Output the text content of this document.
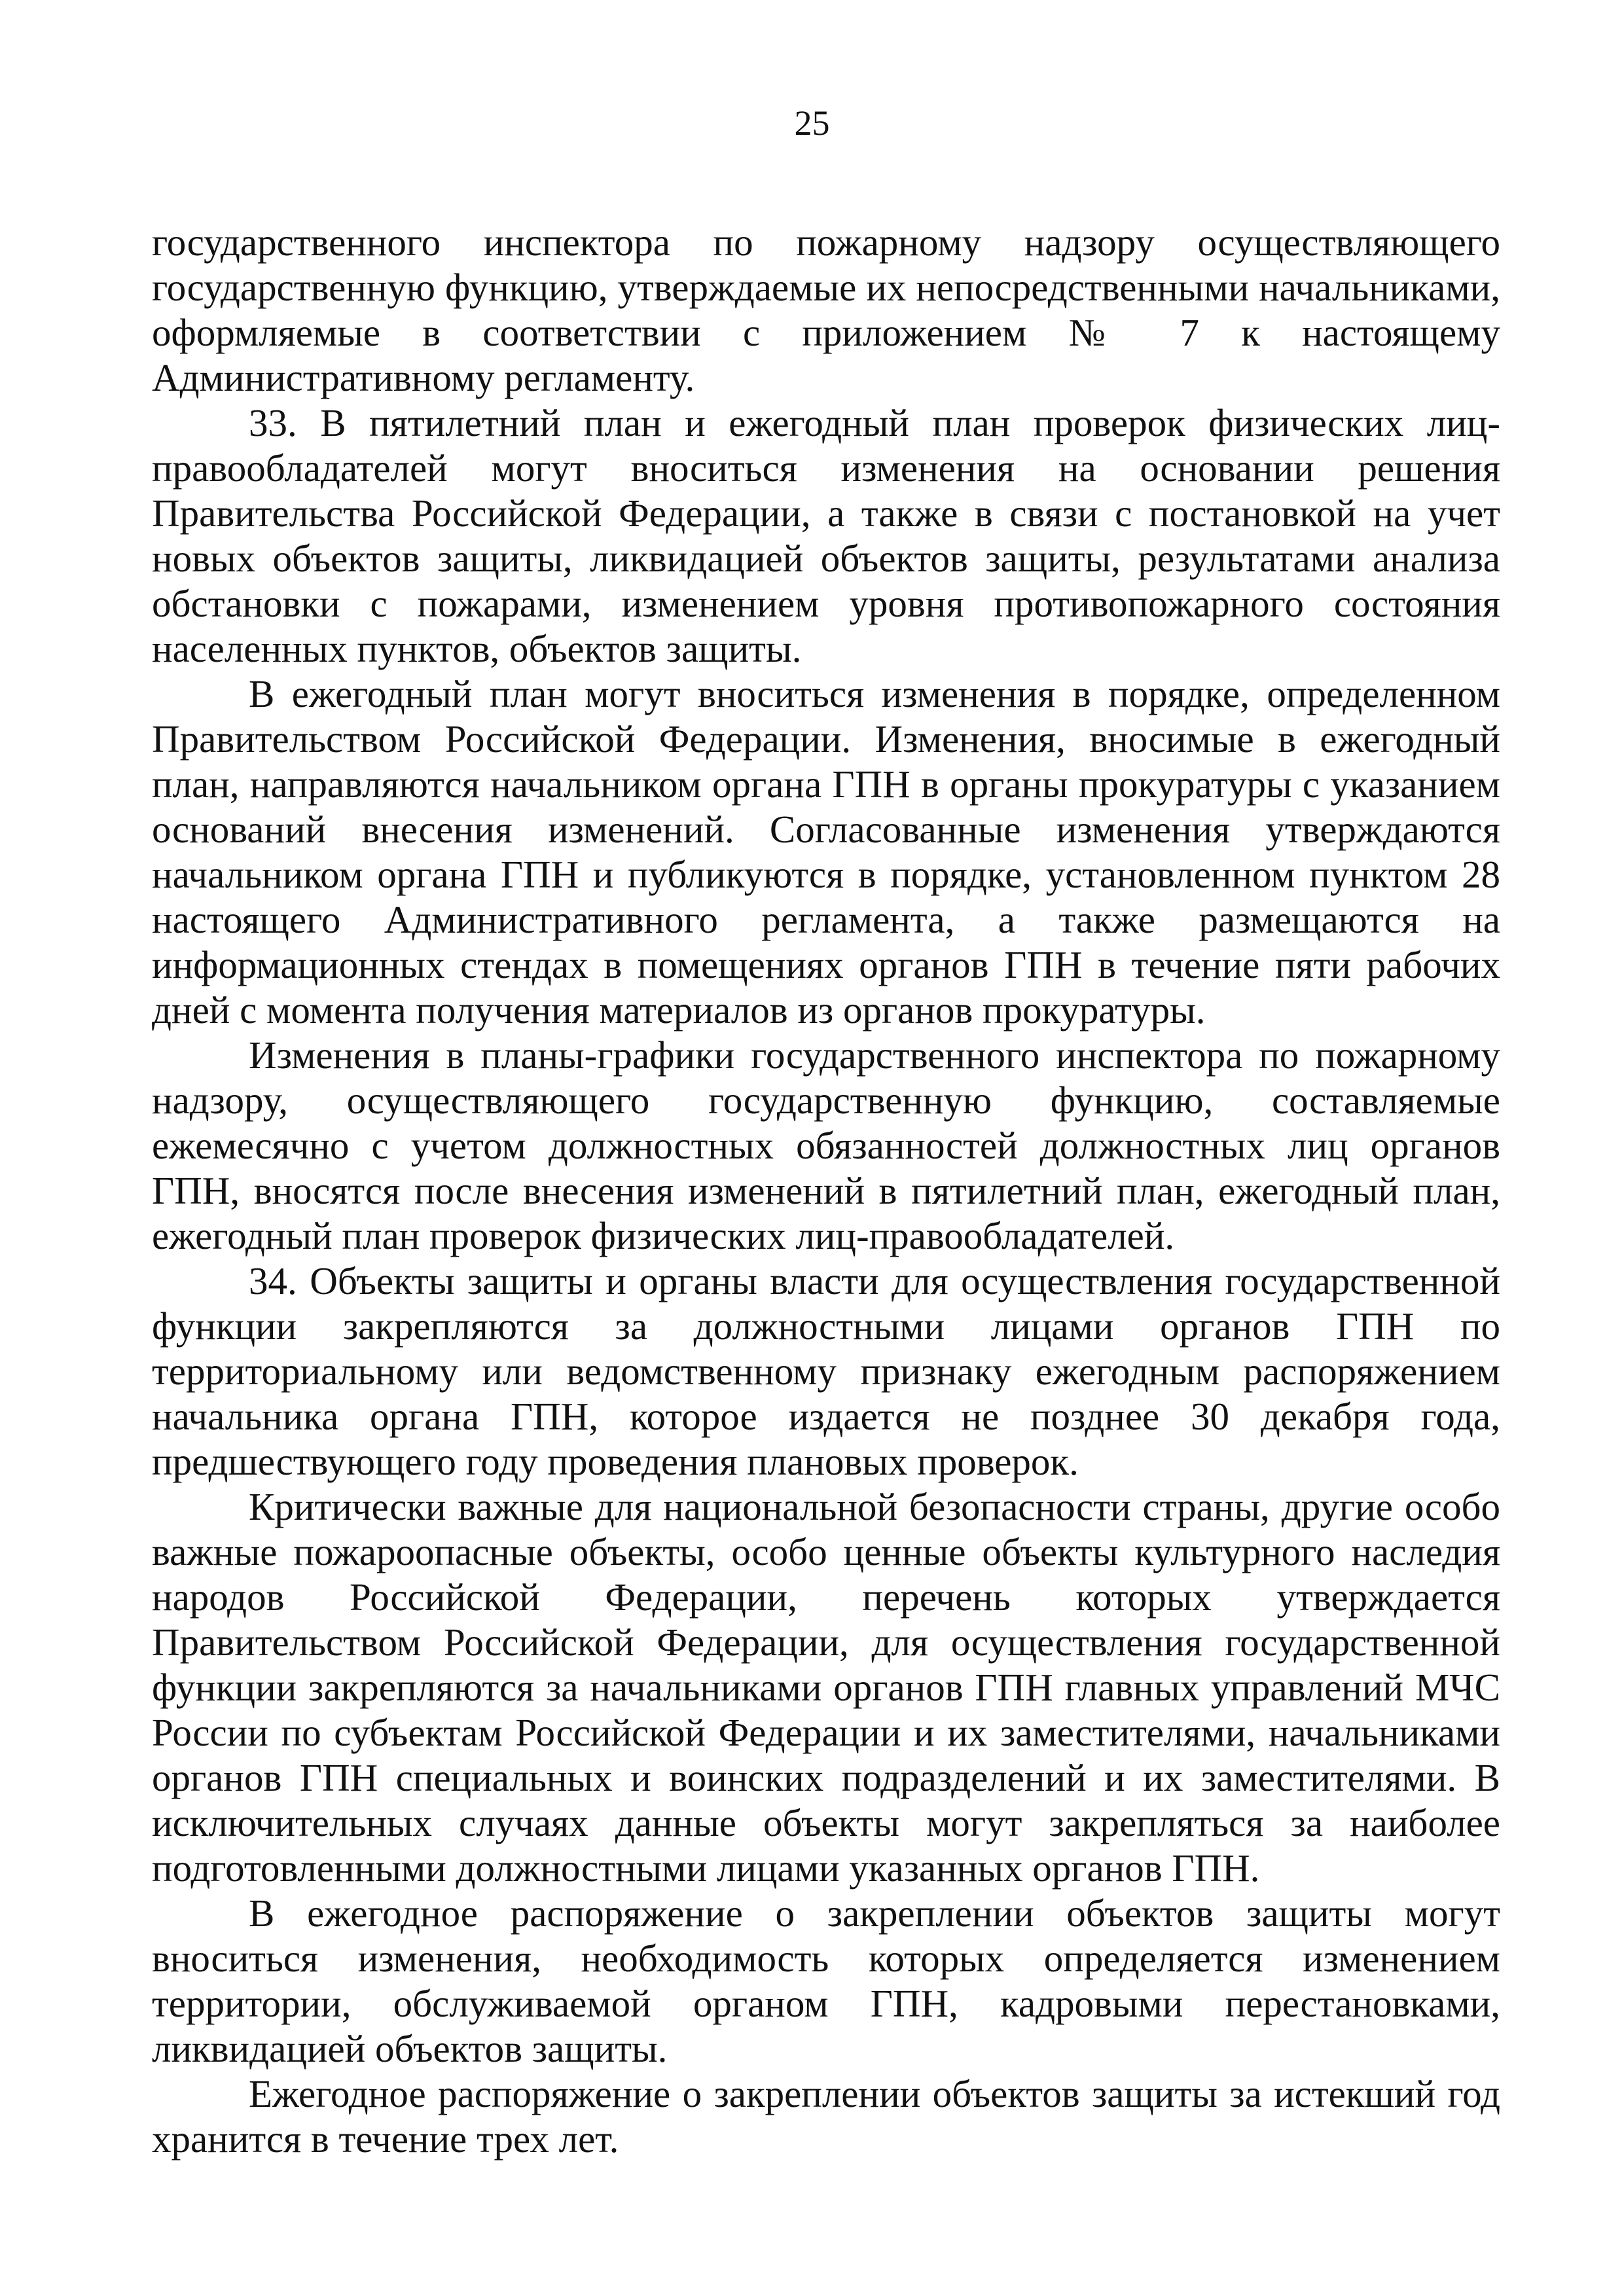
25

государственного инспектора по пожарному надзору осуществляющего государственную функцию, утверждаемые их непосредственными начальниками, оформляемые в соответствии с приложением № 7 к настоящему Административному регламенту.

33. В пятилетний план и ежегодный план проверок физических лиц-правообладателей могут вноситься изменения на основании решения Правительства Российской Федерации, а также в связи с постановкой на учет новых объектов защиты, ликвидацией объектов защиты, результатами анализа обстановки с пожарами, изменением уровня противопожарного состояния населенных пунктов, объектов защиты.

В ежегодный план могут вноситься изменения в порядке, определенном Правительством Российской Федерации. Изменения, вносимые в ежегодный план, направляются начальником органа ГПН в органы прокуратуры с указанием оснований внесения изменений. Согласованные изменения утверждаются начальником органа ГПН и публикуются в порядке, установленном пунктом 28 настоящего Административного регламента, а также размещаются на информационных стендах в помещениях органов ГПН в течение пяти рабочих дней с момента получения материалов из органов прокуратуры.

Изменения в планы-графики государственного инспектора по пожарному надзору, осуществляющего государственную функцию, составляемые ежемесячно с учетом должностных обязанностей должностных лиц органов ГПН, вносятся после внесения изменений в пятилетний план, ежегодный план, ежегодный план проверок физических лиц-правообладателей.

34. Объекты защиты и органы власти для осуществления государственной функции закрепляются за должностными лицами органов ГПН по территориальному или ведомственному признаку ежегодным распоряжением начальника органа ГПН, которое издается не позднее 30 декабря года, предшествующего году проведения плановых проверок.

Критически важные для национальной безопасности страны, другие особо важные пожароопасные объекты, особо ценные объекты культурного наследия народов Российской Федерации, перечень которых утверждается Правительством Российской Федерации, для осуществления государственной функции закрепляются за начальниками органов ГПН главных управлений МЧС России по субъектам Российской Федерации и их заместителями, начальниками органов ГПН специальных и воинских подразделений и их заместителями. В исключительных случаях данные объекты могут закрепляться за наиболее подготовленными должностными лицами указанных органов ГПН.

В ежегодное распоряжение о закреплении объектов защиты могут вноситься изменения, необходимость которых определяется изменением территории, обслуживаемой органом ГПН, кадровыми перестановками, ликвидацией объектов защиты.

Ежегодное распоряжение о закреплении объектов защиты за истекший год хранится в течение трех лет.
